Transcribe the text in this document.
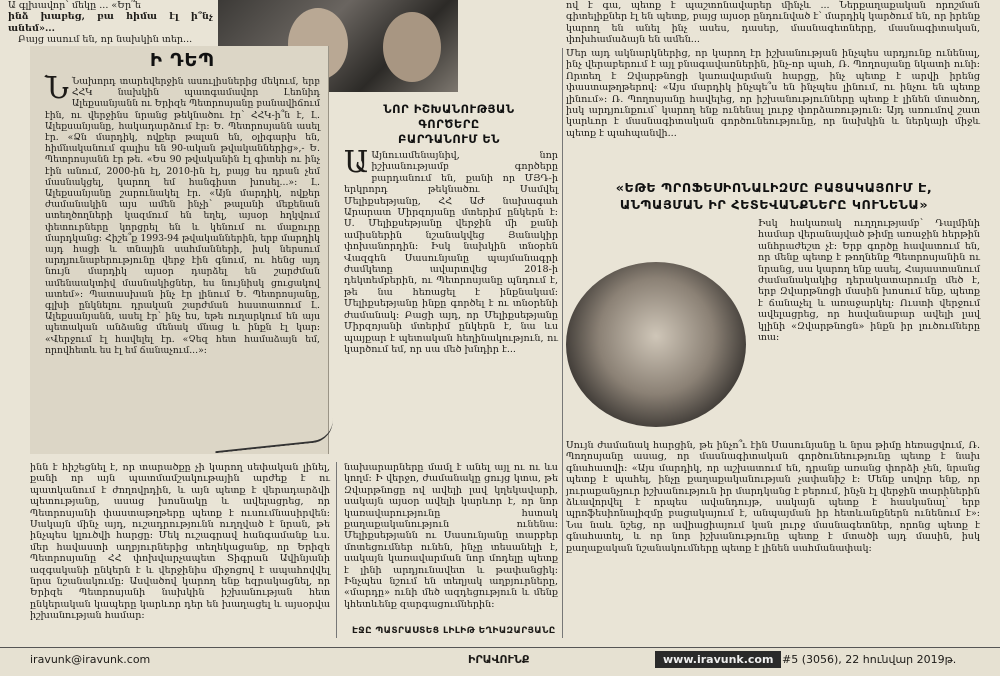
Ա գլխավոր՝ մեկը ... «Եր՞ե

ինձ խաբեց, բա հիմա էլ ի՞նչ անեմ»...

Բայց ասում են, որ նախկին տեր...

ով է գա, պետք է պաշտոնավարեր մինչև ... Ներքաղաքական որոշման գիտելիքներ էլ են պետք, բայց այսօր ընդունված է՝ մարդիկ կարծում են, որ իրենք կարող են անել ինչ ասես, դասեր, մասնագետները, մասնագիտական, փոխհամաձայն են ամեն...
Ի ԴԵՊ
Ն Նախորդ տարեվերջին ասուլիսներից մեկում, երբ ՀՀԿ նախկին պատգամավոր Լեոնիդ Ալեքսանյանն ու Երիզե Պետրոսյանը բանավիճում էին, ու վերջինս նրանց թեկնածու էր՝ ՀՀԿ-ի՞ն է, Լ. Ալեքսանյանը, հակադարձում էր: Ե. Պետրոսյանն ասել էր. «Ձն մարդիկ, ովքեր թալան են, օլիգարխ են, հիմնականում գալիս են 90-ական թվականներից»,- Ե. Պետրոսյանն էր թե. «Ես 90 թվականին էլ գիտեի ու ինչ էին անում, 2000-ին էլ, 2010-ին էլ, բայց ես դրան չեմ մասնակցել, կարող եմ հանգիստ խոսել...»: Լ. Ալեքսանյանը շարունակել էր. «Այն մարդիկ, ովքեր ժամանակին այս ամեն ինչի՝ թալանի մեքենան ստեղծողների կազմում են եղել, այսօր հղկվում փետուրները կորցրել են և կենում ու մաքուրը մարդկանց: Հիշե՞ք 1993-94 թվականներին, երբ մարդիկ այդ հացի և տնային սահմանների, իսկ ներսում արդյունաբերությունը վերջ էին գնում, ու հենց այդ նույն մարդիկ այսօր դարձել են շարժման ամենաակտիվ մասնակիցներ, ես նույնիսկ ցուցակով ատեմ»: Պատասխան ինչ էր լինում Ե. Պետրոսյանը, գլխի ընկնելու դրական շարժման հաստատում Լ. Ալեքսանյանն, ասել էր՝ ինչ ես, եթե ուղարկում են այս պետական անձանց մենակ մնաց և ինքն էլ կար: «Վերջում էլ հավելել էր. «Չեզ հետ համաձայն եմ, որովհետև ես էլ եմ ճանաչում...»:
ՆՈՐ ԻՇԽԱՆՈՒԹՅԱՆ
ԳՈՐԾԵՐԸ
ԲԱՐԴԱՆՈՒՄ ԵՆ
Ա Այնուամենայնիվ, նոր իշխանությամբ գործերը բարդանում են, քանի որ ՄՅԴ-ի երկրորդ թեկնածու Սամվել Մելիքսեթյանը, ՀՀ ԱԺ նախագահ Արարատ Միրզոյանը մտերիմ ընկերն է: Ս. Մելիքսեթյանը վերջին մի քանի ամիսներին նշանակվեց Յանակիր փոխանորդին: Իսկ նախկին տնօրեն Վազգեն Սասունյանը պայմանագրի ժամկետը ավարտվեց 2018-ի դեկտեմբերին, ու Պետրոսյանը պնդում է, թե նա հեռացել է ինքնակամ: Մելիքսեթյանը ինքը գործել է ու տնօրենի ժամանակ: Բացի այդ, որ Մելիքսեթյանը Միրզոյանի մտերիմ ընկերն է, նա ևս պայքար է պետական հեղինակություն, ու կարծում եմ, որ սա մեծ խնդիր է...
Մեր այդ ակնարկներից, որ կարող էր իշխանության ինչպես արդյունք ունենալ, ինչ վերաբերում է այլ բնագավառներին, ինչ-որ պահ, Ռ. Պողոսյանը նկատի ունի: Որտեղ է Զվարթնոցի կառավարման հարցը, ինչ պետք է արվի իրենց փաստաթղթերով: «Այս մարդիկ ինչպե՞ս են ինչպես լինում, ու ինչու են պետք լինում»: Ռ. Պողոսյանը հավելեց, որ իշխանությունները պետք է լինեն մտածող, իսկ արդյունքում՝ կարող ենք ունենալ լուրջ փորձառություն: Այդ առումով շատ կարևոր է մասնագիտական գործունեությունը, որ նախկին և ներկայի միջև պետք է պահպանվի...
«ԵԹԵ ՊՐՈՖԵՍԻՈՆԱԼԻԶՄԸ ԲԱՑԱԿԱՅՈՒՄ Է,
ԱՆՊԱՅՄԱՆ ԻՐ ՀԵՏԵՎԱՆՔՆԵՐԸ ԿՈՒՆԵՆԱ»
Իսկ հակառակ ուղղությամբ՝ Դալմինի համար վերանայված թիմը առաջին հերթին անհրաժեշտ չէ: Երբ գործը հավատում են, որ մենք պետք է թողնենք Պետրոսյանին ու նրանց, սա կարող ենք ասել, Հայաստանում ժամանակակից դերակատարումը մեծ է, երբ Զվարթնոցի մասին խոսում ենք, պետք է ճանաչել և առաջարկել: Ուստի վերջում ավելացրեց, որ հավանաբար ավելի լավ կլինի «Զվարթնոցն» ինքն իր լուծումները տա:
Սույն ժամանակ հարցին, թե ինչո՞ւ էին Սասունյանը և նրա թիմը հեռացվում, Ռ. Պողոսյանը ասաց, որ մասնագիտական գործունեությունը պետք է նախ գնահատվի: «Այս մարդիկ, որ աշխատում են, դրանք առանց փորձի չեն, նրանց պետք է պահել, ինչը քաղաքականության չափանիշ է: Մենք սովոր ենք, որ յուրաքանչյուր իշխանություն իր մարդկանց է բերում, ինչն էլ վերջին տարիներին ձևավորվել է որպես ավանդույթ, սակայն պետք է հասկանալ՝ երբ պրոֆեսիոնալիզմը բացակայում է, անպայման իր հետևանքներն ունենում է»: Նա նաև նշեց, որ ավիացիայում կան լուրջ մասնագետներ, որոնց պետք է գնահատել, և որ նոր իշխանությունը պետք է մտածի այդ մասին, իսկ քաղաքական նշանակումները պետք է լինեն սահմանափակ:
ինն է հիշեցնել է, որ տարածքը չի կարող սեփական լինել, քանի որ այն պատմամշակութային արժեք է ու պատկանում է ժողովրդին, և այն պետք է վերադարձվի պետությանը, ասաց խոսնակը և ավելացրեց, որ Պետրոսյանի փաստաթղթերը պետք է ուսումնասիրվեն: Սակայն մինչ այդ, ուշադրությունն ուղղված է նրան, թե ինչպես կլուծվի հարցը: Մեկ ուշագրավ հանգամանք ևս. մեր հավաստի աղբյուրներից տեղեկացանք, որ Երիզե Պետրոսյանը ՀՀ փոխվարչապետ Տիգրան Ավինյանի ազգականի ընկերն է և վերջինիս միջոցով է ապահովվել նրա նշանակումը: Ասվածով կարող ենք եզրակացնել, որ Երիզե Պետրոսյանի նախկին իշխանության հետ ընկերական կապերը կարևոր դեր են խաղացել և այսօրվա իշխանության համար:
նախարարները մամլ է անել այլ ու ու ևս կողմ: Ի վերջո, ժամանակը ցույց կտա, թե Զվարթնոցը ով ավելի լավ կղեկավարի, սակայն այսօր ավելի կարևոր է, որ նոր կառավարությունը հստակ քաղաքականություն ունենա: Մելիքսեթյանն ու Սասունյանը տարբեր մոտեցումներ ունեն, ինչը տեսանելի է, սակայն կառավարման նոր մոդելը պետք է լինի արդյունավետ և թափանցիկ: Ինչպես նշում են տեղյակ աղբյուրները, «մարդը» ունի մեծ ազդեցություն և մենք կհետևենք զարգացումներին:
ԷՋԸ ՊԱՏՐԱՍՏԵՑ ԼԻԼԻԹ ԵՂԻԱԶԱՐՅԱՆԸ
iravunk@iravunk.com	ԻՐԱՎՈՒՆՔ	www.iravunk.com #5 (3056), 22 հունվար 2019թ.
